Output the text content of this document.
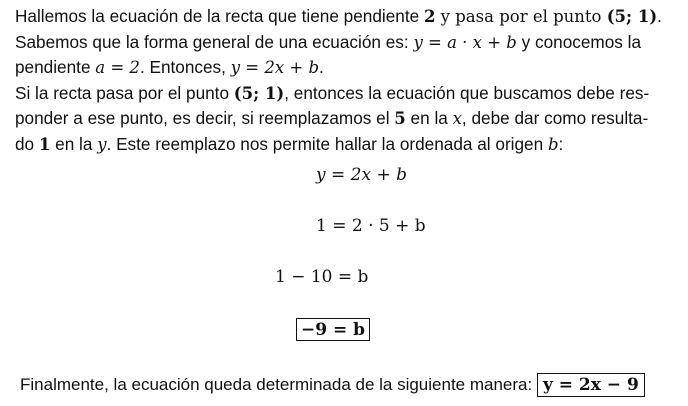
Hallemos la ecuación de la recta que tiene pendiente 2 y pasa por el punto (5; 1).
Sabemos que la forma general de una ecuación es: y = a · x + b y conocemos la
pendiente a = 2. Entonces, y = 2x + b.
Si la recta pasa por el punto (5; 1), entonces la ecuación que buscamos debe res-
ponder a ese punto, es decir, si reemplazamos el 5 en la x, debe dar como resulta-
do 1 en la y. Este reemplazo nos permite hallar la ordenada al origen b:
y = 2x + b
1 = 2 · 5 + b
1 − 10 = b
−9 = b
Finalmente, la ecuación queda determinada de la siguiente manera: y = 2x − 9
